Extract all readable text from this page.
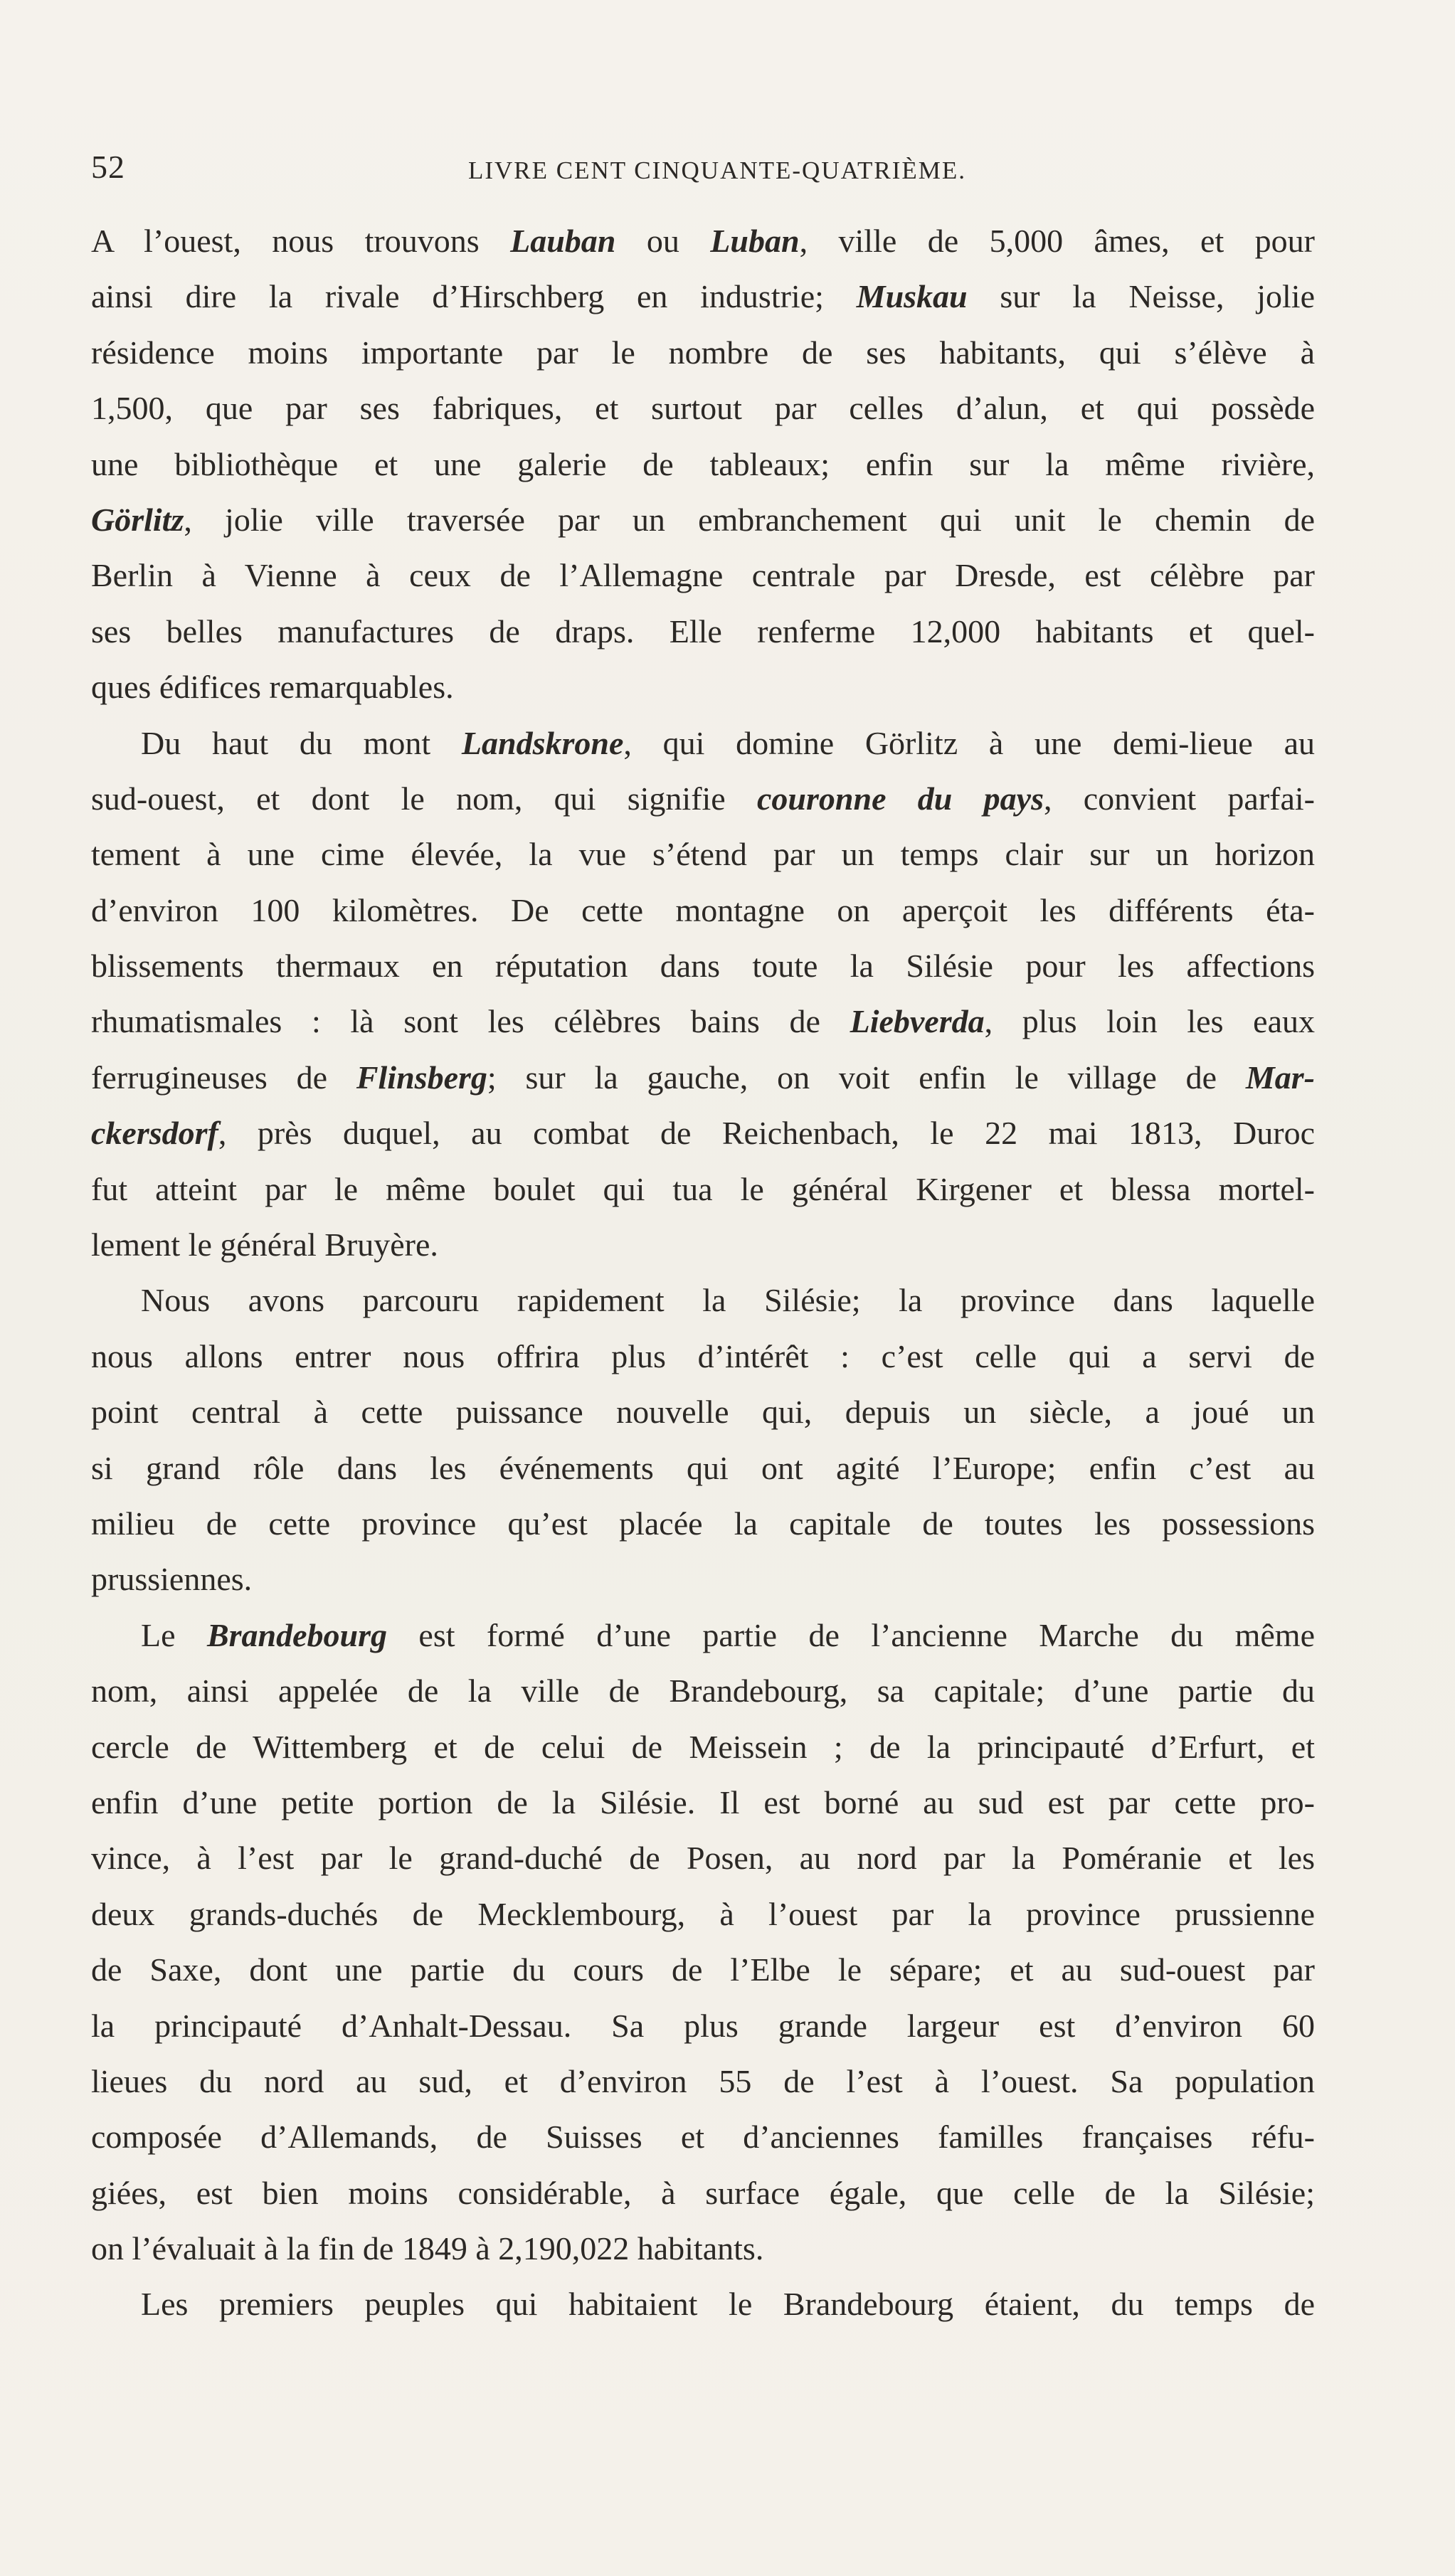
52	LIVRE CENT CINQUANTE-QUATRIÈME.
A l’ouest, nous trouvons Lauban ou Luban, ville de 5,000 âmes, et pour
ainsi dire la rivale d’Hirschberg en industrie; Muskau sur la Neisse, jolie
résidence moins importante par le nombre de ses habitants, qui s’élève à
1,500, que par ses fabriques, et surtout par celles d’alun, et qui possède
une bibliothèque et une galerie de tableaux; enfin sur la même rivière,
Görlitz, jolie ville traversée par un embranchement qui unit le chemin de
Berlin à Vienne à ceux de l’Allemagne centrale par Dresde, est célèbre par
ses belles manufactures de draps. Elle renferme 12,000 habitants et quel-
ques édifices remarquables.
Du haut du mont Landskrone, qui domine Görlitz à une demi-lieue au
sud-ouest, et dont le nom, qui signifie couronne du pays, convient parfai-
tement à une cime élevée, la vue s’étend par un temps clair sur un horizon
d’environ 100 kilomètres. De cette montagne on aperçoit les différents éta-
blissements thermaux en réputation dans toute la Silésie pour les affections
rhumatismales : là sont les célèbres bains de Liebverda, plus loin les eaux
ferrugineuses de Flinsberg; sur la gauche, on voit enfin le village de Mar-
ckersdorf, près duquel, au combat de Reichenbach, le 22 mai 1813, Duroc
fut atteint par le même boulet qui tua le général Kirgener et blessa mortel-
lement le général Bruyère.
Nous avons parcouru rapidement la Silésie; la province dans laquelle
nous allons entrer nous offrira plus d’intérêt : c’est celle qui a servi de
point central à cette puissance nouvelle qui, depuis un siècle, a joué un
si grand rôle dans les événements qui ont agité l’Europe; enfin c’est au
milieu de cette province qu’est placée la capitale de toutes les possessions
prussiennes.
Le Brandebourg est formé d’une partie de l’ancienne Marche du même
nom, ainsi appelée de la ville de Brandebourg, sa capitale; d’une partie du
cercle de Wittemberg et de celui de Meissein ; de la principauté d’Erfurt, et
enfin d’une petite portion de la Silésie. Il est borné au sud est par cette pro-
vince, à l’est par le grand-duché de Posen, au nord par la Poméranie et les
deux grands-duchés de Mecklembourg, à l’ouest par la province prussienne
de Saxe, dont une partie du cours de l’Elbe le sépare; et au sud-ouest par
la principauté d’Anhalt-Dessau. Sa plus grande largeur est d’environ 60
lieues du nord au sud, et d’environ 55 de l’est à l’ouest. Sa population
composée d’Allemands, de Suisses et d’anciennes familles françaises réfu-
giées, est bien moins considérable, à surface égale, que celle de la Silésie;
on l’évaluait à la fin de 1849 à 2,190,022 habitants.
Les premiers peuples qui habitaient le Brandebourg étaient, du temps de
